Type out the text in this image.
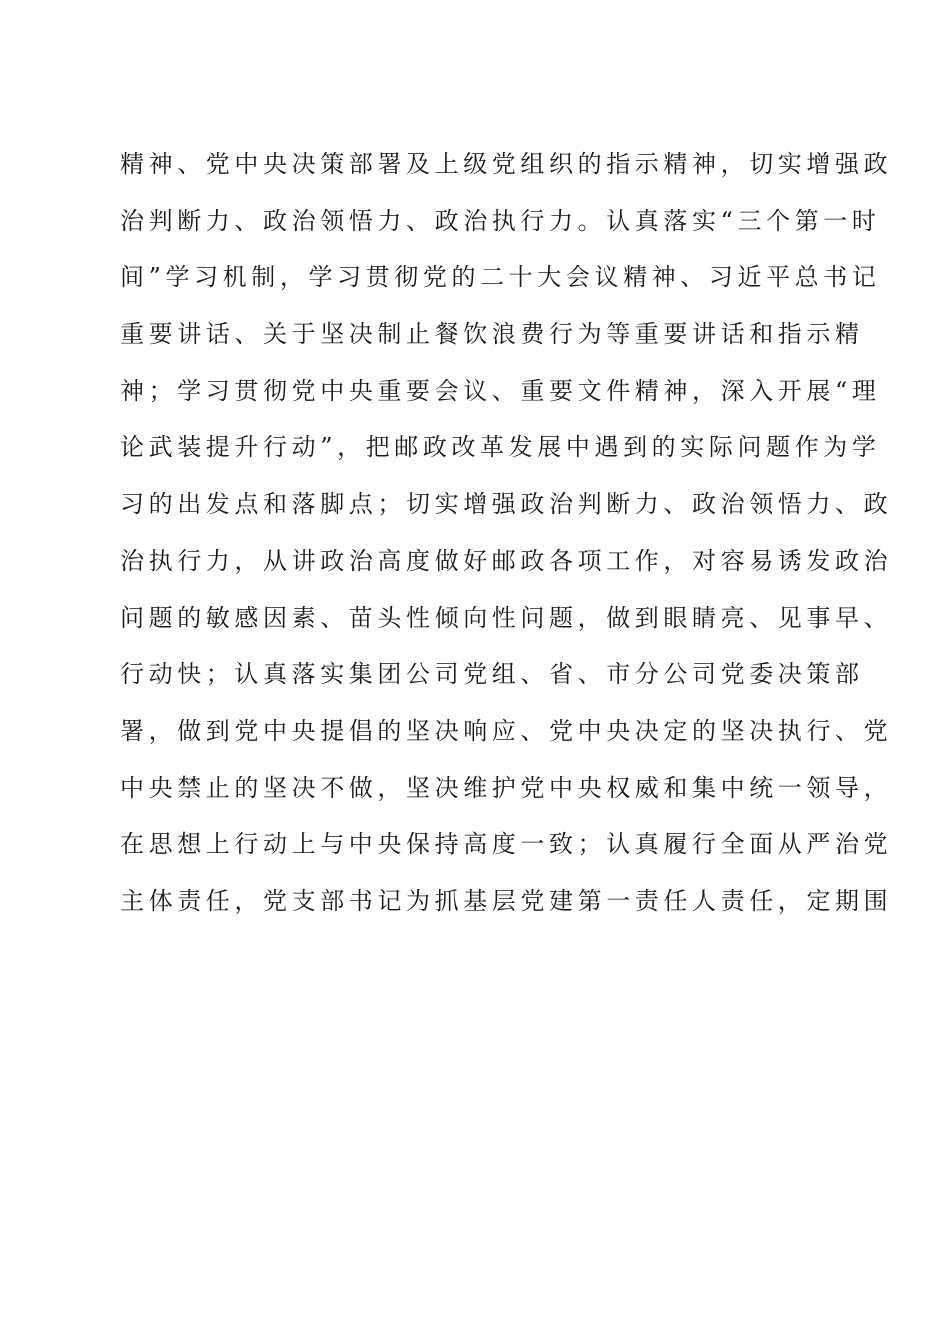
精神、党中央决策部署及上级党组织的指示精神，切实增强政
治判断力、政治领悟力、政治执行力。认真落实“三个第一时
间”学习机制，学习贯彻党的二十大会议精神、习近平总书记
重要讲话、关于坚决制止餐饮浪费行为等重要讲话和指示精
神；学习贯彻党中央重要会议、重要文件精神，深入开展“理
论武装提升行动”，把邮政改革发展中遇到的实际问题作为学
习的出发点和落脚点；切实增强政治判断力、政治领悟力、政
治执行力，从讲政治高度做好邮政各项工作，对容易诱发政治
问题的敏感因素、苗头性倾向性问题，做到眼睛亮、见事早、
行动快；认真落实集团公司党组、省、市分公司党委决策部
署，做到党中央提倡的坚决响应、党中央决定的坚决执行、党
中央禁止的坚决不做，坚决维护党中央权威和集中统一领导，
在思想上行动上与中央保持高度一致；认真履行全面从严治党
主体责任，党支部书记为抓基层党建第一责任人责任，定期围
